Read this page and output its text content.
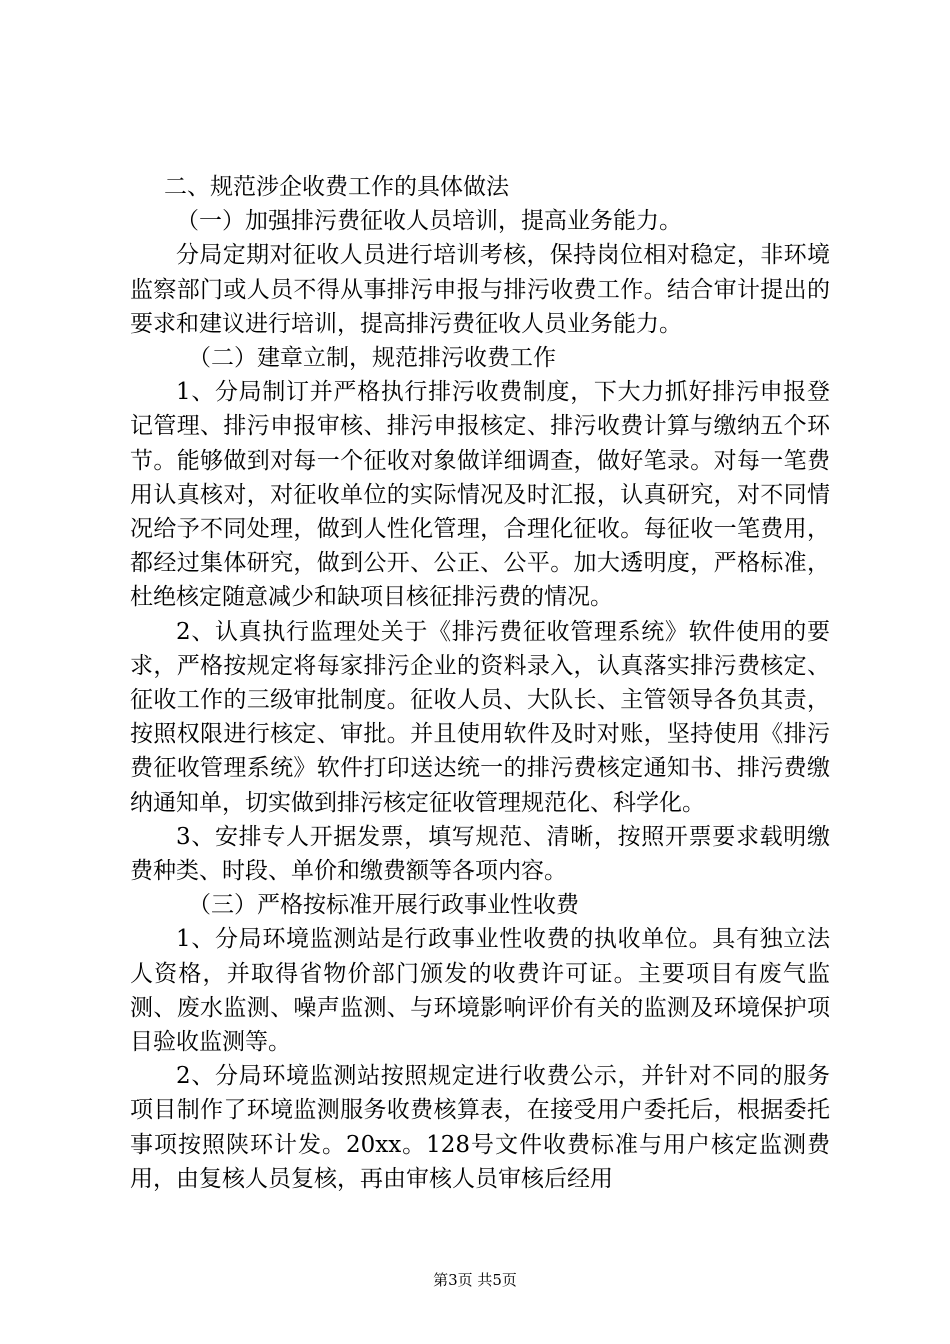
二、规范涉企收费工作的具体做法

（一）加强排污费征收人员培训，提高业务能力。

分局定期对征收人员进行培训考核，保持岗位相对稳定，非环境监察部门或人员不得从事排污申报与排污收费工作。结合审计提出的要求和建议进行培训，提高排污费征收人员业务能力。

（二）建章立制，规范排污收费工作

1、分局制订并严格执行排污收费制度，下大力抓好排污申报登记管理、排污申报审核、排污申报核定、排污收费计算与缴纳五个环节。能够做到对每一个征收对象做详细调查，做好笔录。对每一笔费用认真核对，对征收单位的实际情况及时汇报，认真研究，对不同情况给予不同处理，做到人性化管理，合理化征收。每征收一笔费用，都经过集体研究，做到公开、公正、公平。加大透明度，严格标准，杜绝核定随意减少和缺项目核征排污费的情况。

2、认真执行监理处关于《排污费征收管理系统》软件使用的要求，严格按规定将每家排污企业的资料录入，认真落实排污费核定、征收工作的三级审批制度。征收人员、大队长、主管领导各负其责，按照权限进行核定、审批。并且使用软件及时对账，坚持使用《排污费征收管理系统》软件打印送达统一的排污费核定通知书、排污费缴纳通知单，切实做到排污核定征收管理规范化、科学化。

3、安排专人开据发票，填写规范、清晰，按照开票要求载明缴费种类、时段、单价和缴费额等各项内容。

（三）严格按标准开展行政事业性收费

1、分局环境监测站是行政事业性收费的执收单位。具有独立法人资格，并取得省物价部门颁发的收费许可证。主要项目有废气监测、废水监测、噪声监测、与环境影响评价有关的监测及环境保护项目验收监测等。

2、分局环境监测站按照规定进行收费公示，并针对不同的服务项目制作了环境监测服务收费核算表，在接受用户委托后，根据委托事项按照陕环计发。20xx。128号文件收费标准与用户核定监测费用，由复核人员复核，再由审核人员审核后经用

第3页 共5页
